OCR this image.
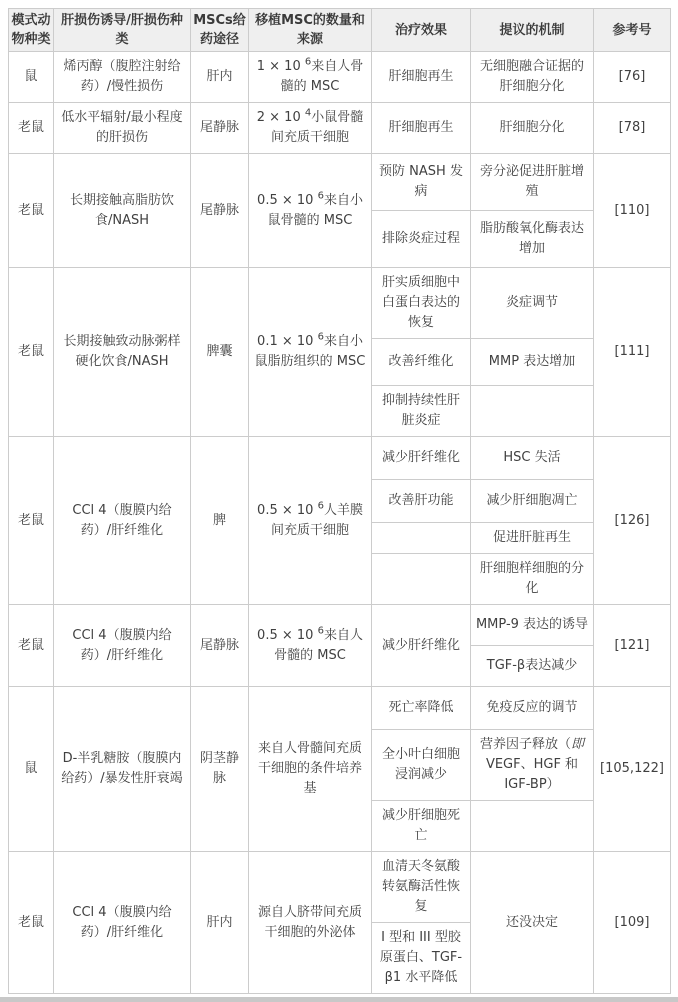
模式动物种类	肝损伤诱导/肝损伤种类	MSCs给药途径	移植MSC的数量和来源	治疗效果	提议的机制	参考号
鼠	烯丙醇（腹腔注射给药）/慢性损伤	肝内	1 × 10 $^6$来自人骨髓的 MSC	肝细胞再生	无细胞融合证据的肝细胞分化	[76]
老鼠	低水平辐射/最小程度的肝损伤	尾静脉	2 × 10 $^4$小鼠骨髓间充质干细胞	肝细胞再生	肝细胞分化	[78]
老鼠	长期接触高脂肪饮食/NASH	尾静脉	0.5 × 10 $^6$来自小鼠骨髓的 MSC	预防 NASH 发病	旁分泌促进肝脏增殖	[110]
				排除炎症过程	脂肪酸氧化酶表达增加	
老鼠	长期接触致动脉粥样硬化饮食/NASH	脾囊	0.1 × 10 $^6$来自小鼠脂肪组织的 MSC	肝实质细胞中白蛋白表达的恢复	炎症调节	[111]
				改善纤维化	MMP 表达增加	
				抑制持续性肝脏炎症		
老鼠	CCl 4（腹膜内给药）/肝纤维化	脾	0.5 × 10 $^6$人羊膜间充质干细胞	减少肝纤维化	HSC 失活	[126]
				改善肝功能	减少肝细胞凋亡	
					促进肝脏再生	
					肝细胞样细胞的分化	
老鼠	CCl 4（腹膜内给药）/肝纤维化	尾静脉	0.5 × 10 $^6$来自人骨髓的 MSC	减少肝纤维化	MMP-9 表达的诱导	[121]
					TGF-β表达减少	
鼠	D-半乳糖胺（腹膜内给药）/暴发性肝衰竭	阴茎静脉	来自人骨髓间充质干细胞的条件培养基	死亡率降低	免疫反应的调节	[105,122]
				全小叶白细胞浸润减少	营养因子释放（即 VEGF、HGF 和 IGF-BP）	
				减少肝细胞死亡		
老鼠	CCl 4（腹膜内给药）/肝纤维化	肝内	源自人脐带间充质干细胞的外泌体	血清天冬氨酸转氨酶活性恢复	还没决定	[109]
				I 型和 III 型胶原蛋白、TGF-β1 水平降低		
